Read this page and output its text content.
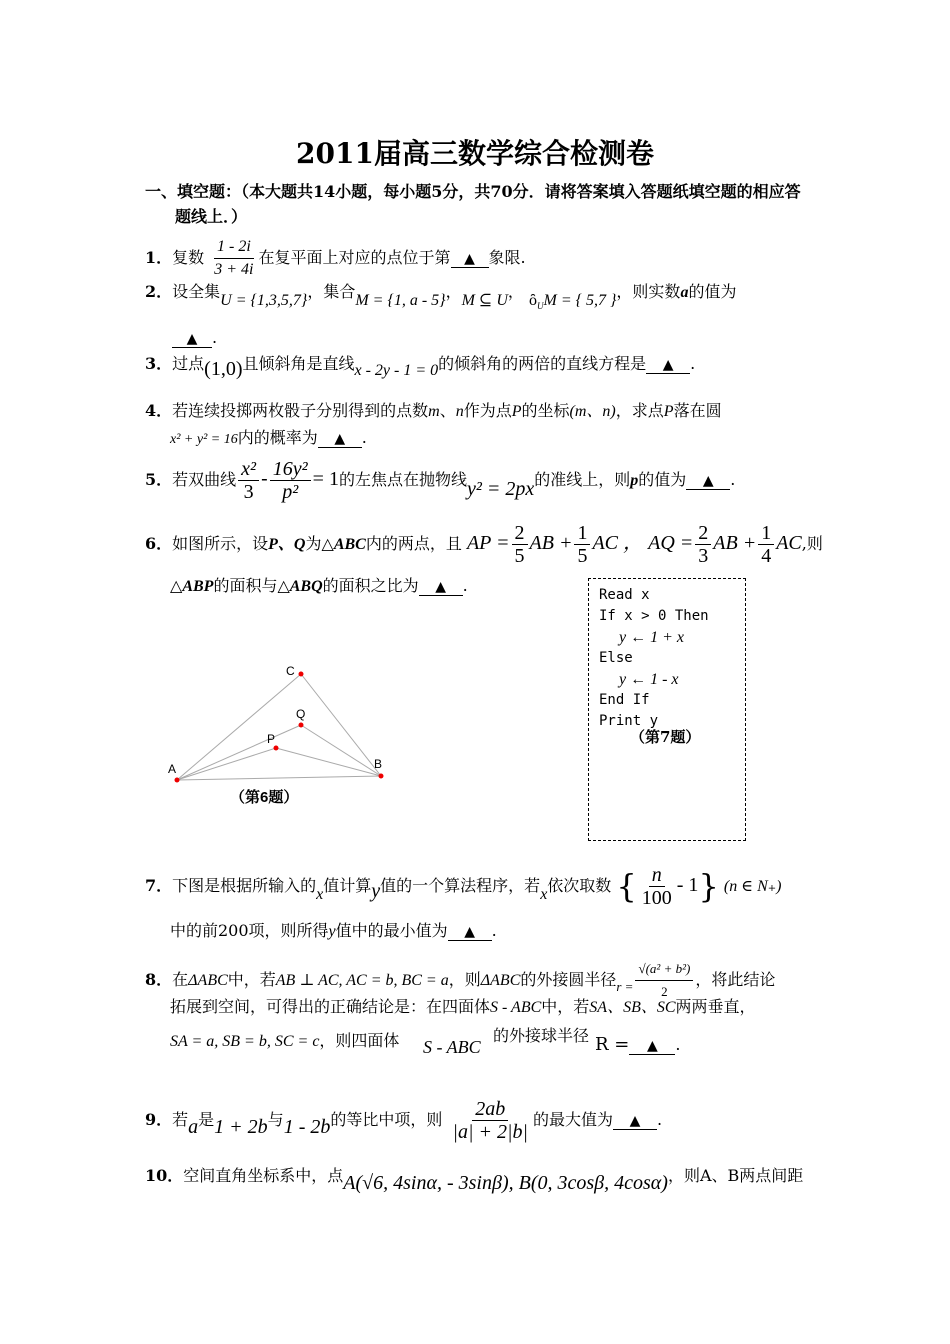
2011届高三数学综合检测卷
一、填空题：（本大题共14小题，每小题5分，共70分．请将答案填入答题纸填空题的相应答
题线上．）
1．复数 $\frac{1 - 2i}{3 + 4i}$ 在复平面上对应的点位于第 ▲ 象限.
2．设全集U = {1,3,5,7}，集合M = {1, a - 5}，M ⊆ U， $ȏ_UM$ = { 5,7 }，则实数a的值为
▲ .
3．过点(1,0)且倾斜角是直线x - 2y - 1 = 0的倾斜角的两倍的直线方程是 ▲ .
4．若连续投掷两枚骰子分别得到的点数m、n作为点P的坐标(m、n)，求点P落在圆
x² + y² = 16内的概率为 ▲ .
5．若双曲线 $\frac{\text{x²}}{3} - \frac{\text{16y²}}{\text{p²}} = 1$的左焦点在抛物线y² = 2px的准线上，则p的值为 ▲ .
6．如图所示，设P、Q为△ABC内的两点，且 AP = $\frac{2}{5}$ AB + $\frac{1}{5}$ AC ， AQ = $\frac{2}{3}$ AB + $\frac{1}{4}$ AC,则
△ABP的面积与△ABQ的面积之比为 ▲ .
A	B
C
Q
P
（第6题）
Read x
If x > 0 Then
y ← 1 + x
Else
y ← 1 - x
End If
Print y
（第7题）
7．下图是根据所输入的x值计算y值的一个算法程序，若x依次取数 { $\frac{n}{100} - 1$} (n ∈ N₊)
中的前200项，则所得y值中的最小值为 ▲ .
8．在ΔABC中，若AB ⊥ AC, AC = b, BC = a，则ΔABC的外接圆半径$_{r =} \frac{\text{√(a² + b²)}}{2}$ ，将此结论
拓展到空间，可得出的正确结论是：在四面体S - ABC中，若SA、SB、SC两两垂直，
SA = a, SB = b, SC = c，则四面体 S - ABC
的外接球半径 R = ▲ .
9．若a是1 + 2b与1 - 2b的等比中项，则 $\frac{2ab}{|a| + 2|b|}$ 的最大值为 ▲ .
10．空间直角坐标系中，点A(√6, 4sinα, - 3sinβ), B(0, 3cosβ, 4cosα)，则A、B两点间距
